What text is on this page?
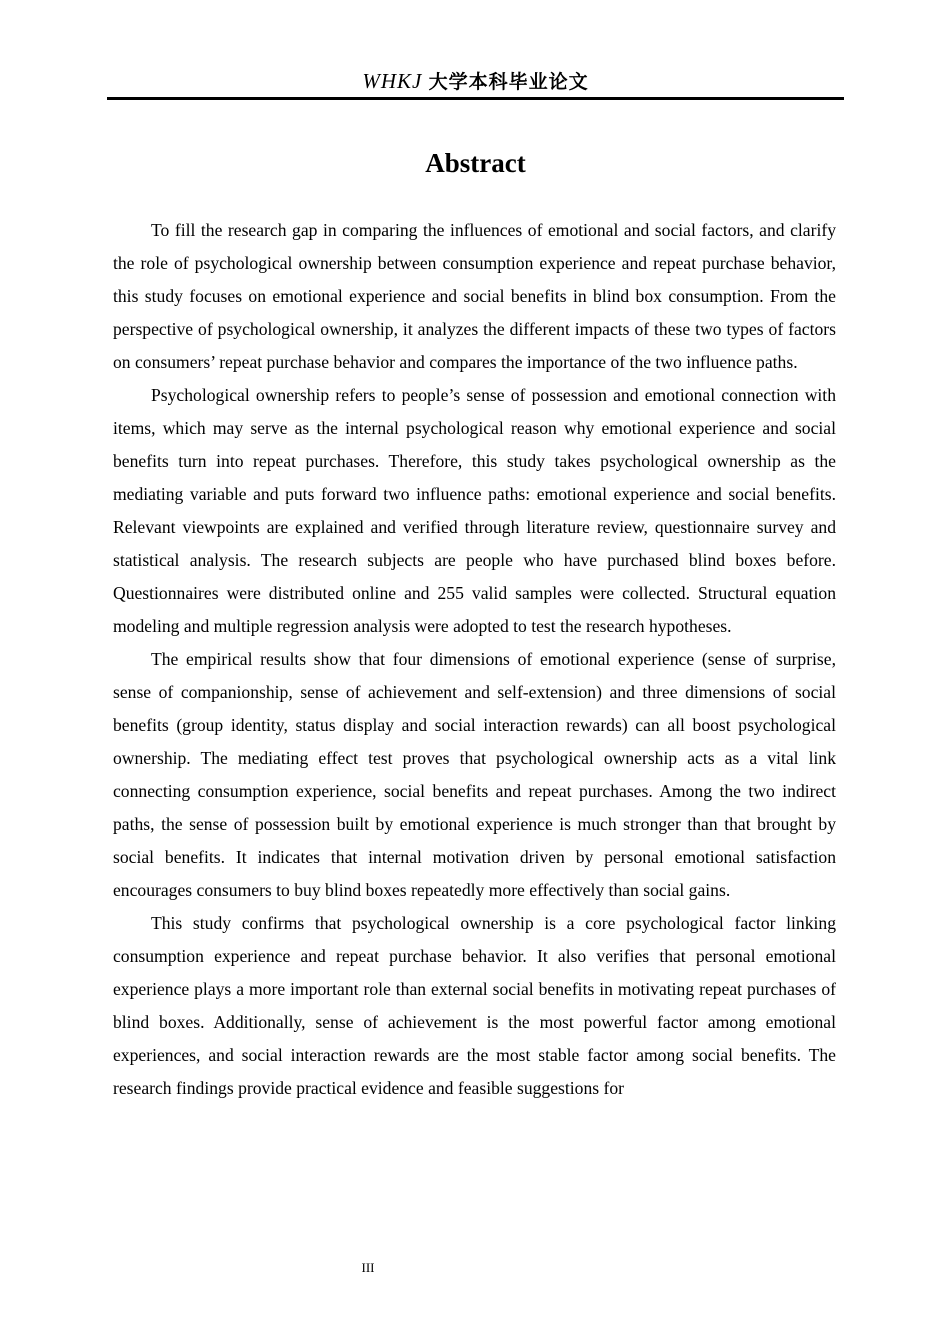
WHKJ 大学本科毕业论文
Abstract

To fill the research gap in comparing the influences of emotional and social factors, and clarify the role of psychological ownership between consumption experience and repeat purchase behavior, this study focuses on emotional experience and social benefits in blind box consumption. From the perspective of psychological ownership, it analyzes the different impacts of these two types of factors on consumers’ repeat purchase behavior and compares the importance of the two influence paths.

Psychological ownership refers to people’s sense of possession and emotional connection with items, which may serve as the internal psychological reason why emotional experience and social benefits turn into repeat purchases. Therefore, this study takes psychological ownership as the mediating variable and puts forward two influence paths: emotional experience and social benefits. Relevant viewpoints are explained and verified through literature review, questionnaire survey and statistical analysis. The research subjects are people who have purchased blind boxes before. Questionnaires were distributed online and 255 valid samples were collected. Structural equation modeling and multiple regression analysis were adopted to test the research hypotheses.

The empirical results show that four dimensions of emotional experience (sense of surprise, sense of companionship, sense of achievement and self-extension) and three dimensions of social benefits (group identity, status display and social interaction rewards) can all boost psychological ownership. The mediating effect test proves that psychological ownership acts as a vital link connecting consumption experience, social benefits and repeat purchases. Among the two indirect paths, the sense of possession built by emotional experience is much stronger than that brought by social benefits. It indicates that internal motivation driven by personal emotional satisfaction encourages consumers to buy blind boxes repeatedly more effectively than social gains.

This study confirms that psychological ownership is a core psychological factor linking consumption experience and repeat purchase behavior. It also verifies that personal emotional experience plays a more important role than external social benefits in motivating repeat purchases of blind boxes. Additionally, sense of achievement is the most powerful factor among emotional experiences, and social interaction rewards are the most stable factor among social benefits. The research findings provide practical evidence and feasible suggestions for

III
